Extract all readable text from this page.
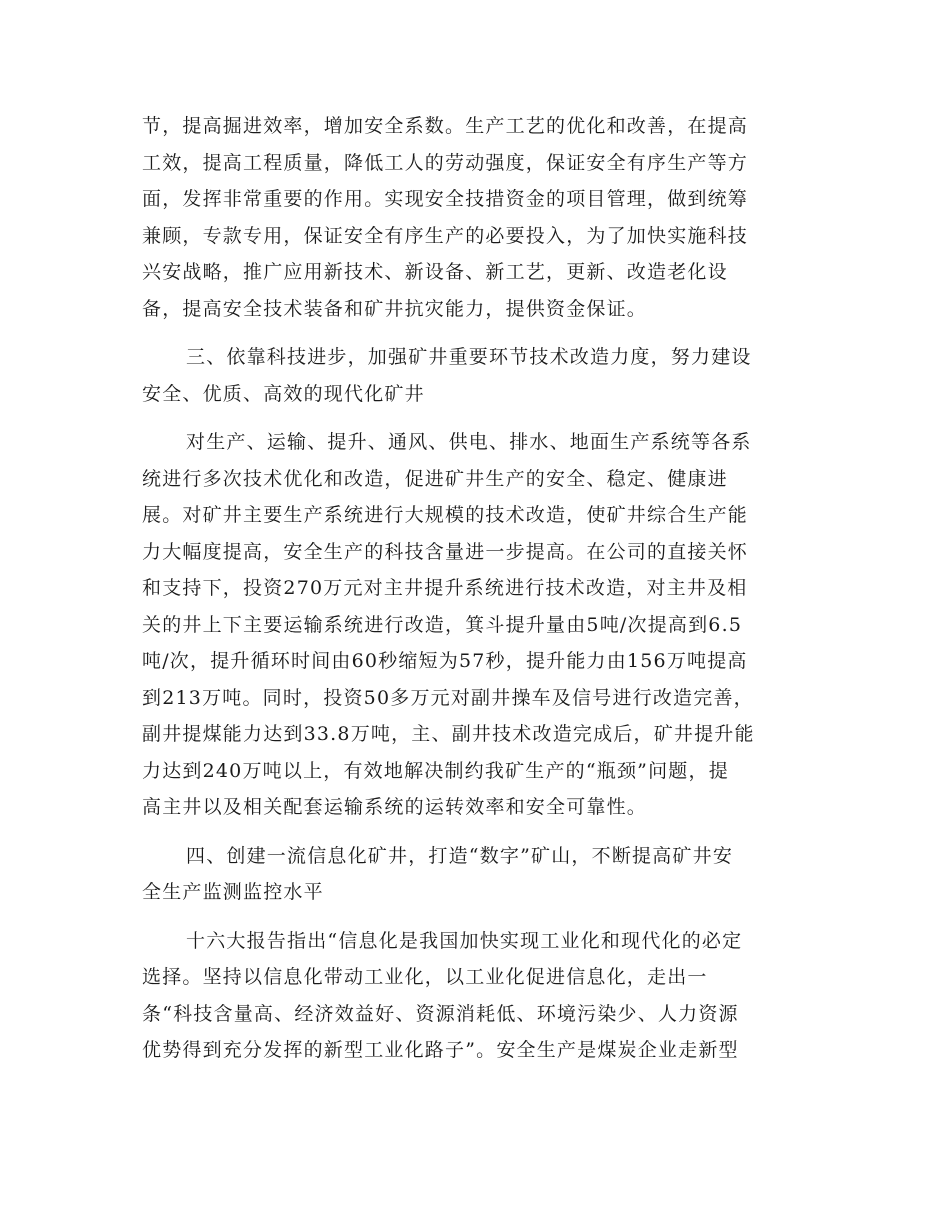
节，提高掘进效率，增加安全系数。生产工艺的优化和改善，在提高
工效，提高工程质量，降低工人的劳动强度，保证安全有序生产等方
面，发挥非常重要的作用。实现安全技措资金的项目管理，做到统筹
兼顾，专款专用，保证安全有序生产的必要投入，为了加快实施科技
兴安战略，推广应用新技术、新设备、新工艺，更新、改造老化设
备，提高安全技术装备和矿井抗灾能力，提供资金保证。
三、依靠科技进步，加强矿井重要环节技术改造力度，努力建设
安全、优质、高效的现代化矿井
对生产、运输、提升、通风、供电、排水、地面生产系统等各系
统进行多次技术优化和改造，促进矿井生产的安全、稳定、健康进
展。对矿井主要生产系统进行大规模的技术改造，使矿井综合生产能
力大幅度提高，安全生产的科技含量进一步提高。在公司的直接关怀
和支持下，投资270万元对主井提升系统进行技术改造，对主井及相
关的井上下主要运输系统进行改造，箕斗提升量由5吨/次提高到6.5
吨/次，提升循环时间由60秒缩短为57秒，提升能力由156万吨提高
到213万吨。同时，投资50多万元对副井操车及信号进行改造完善，
副井提煤能力达到33.8万吨，主、副井技术改造完成后，矿井提升能
力达到240万吨以上，有效地解决制约我矿生产的“瓶颈”问题，提
高主井以及相关配套运输系统的运转效率和安全可靠性。
四、创建一流信息化矿井，打造“数字”矿山，不断提高矿井安
全生产监测监控水平
十六大报告指出“信息化是我国加快实现工业化和现代化的必定
选择。坚持以信息化带动工业化，以工业化促进信息化，走出一
条“科技含量高、经济效益好、资源消耗低、环境污染少、人力资源
优势得到充分发挥的新型工业化路子”。安全生产是煤炭企业走新型
